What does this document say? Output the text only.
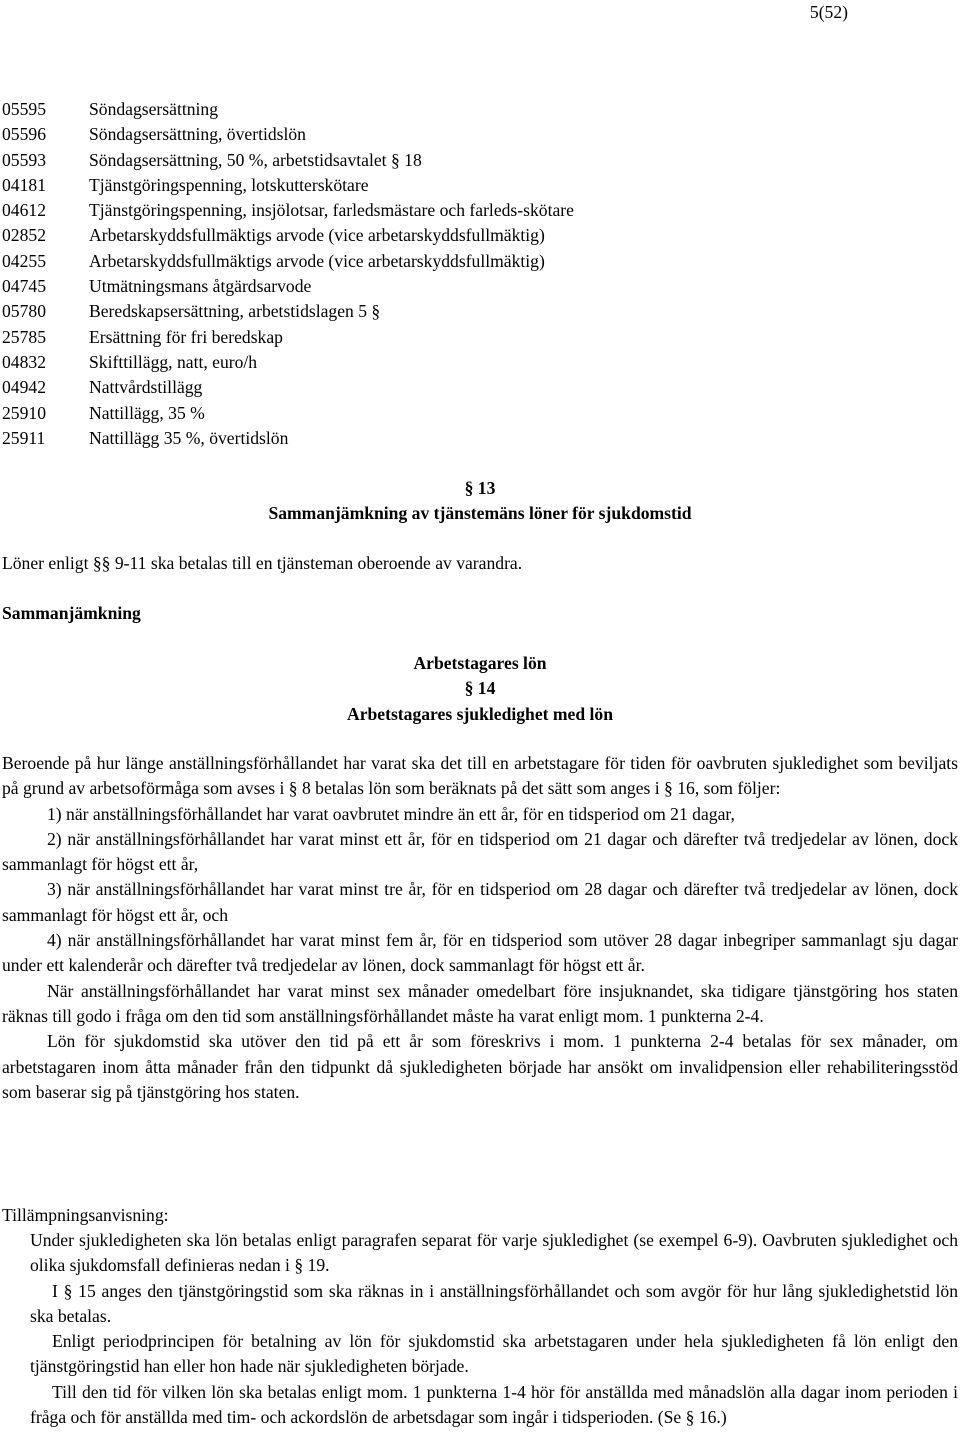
5(52)
05595	Söndagsersättning
05596	Söndagsersättning, övertidslön
05593	Söndagsersättning, 50 %, arbetstidsavtalet § 18
04181	Tjänstgöringspenning, lotskutterskötare
04612	Tjänstgöringspenning, insjölotsar, farledsmästare och farleds-skötare
02852	Arbetarskyddsfullmäktigs arvode (vice arbetarskyddsfullmäktig)
04255	Arbetarskyddsfullmäktigs arvode (vice arbetarskyddsfullmäktig)
04745	Utmätningsmans åtgärdsarvode
05780	Beredskapsersättning, arbetstidslagen 5 §
25785	Ersättning för fri beredskap
04832	Skifttillägg, natt, euro/h
04942	Nattvårdstillägg
25910	Nattillägg, 35 %
25911	Nattillägg 35 %, övertidslön
§ 13
Sammanjämkning av tjänstemäns löner för sjukdomstid
Löner enligt §§ 9-11 ska betalas till en tjänsteman oberoende av varandra.
Sammanjämkning
Arbetstagares lön
§ 14
Arbetstagares sjukledighet med lön

Beroende på hur länge anställningsförhållandet har varat ska det till en arbetstagare för tiden för oavbruten sjukledighet som beviljats på grund av arbetsoförmåga som avses i § 8 betalas lön som beräknats på det sätt som anges i § 16, som följer:

1) när anställningsförhållandet har varat oavbrutet mindre än ett år, för en tidsperiod om 21 dagar,

2) när anställningsförhållandet har varat minst ett år, för en tidsperiod om 21 dagar och därefter två tredjedelar av lönen, dock sammanlagt för högst ett år,

3) när anställningsförhållandet har varat minst tre år, för en tidsperiod om 28 dagar och därefter två tredjedelar av lönen, dock sammanlagt för högst ett år, och

4) när anställningsförhållandet har varat minst fem år, för en tidsperiod som utöver 28 dagar inbegriper sammanlagt sju dagar under ett kalenderår och därefter två tredjedelar av lönen, dock sammanlagt för högst ett år.

När anställningsförhållandet har varat minst sex månader omedelbart före insjuknandet, ska tidigare tjänstgöring hos staten räknas till godo i fråga om den tid som anställningsförhållandet måste ha varat enligt mom. 1 punkterna 2-4.

Lön för sjukdomstid ska utöver den tid på ett år som föreskrivs i mom. 1 punkterna 2-4 betalas för sex månader, om arbetstagaren inom åtta månader från den tidpunkt då sjukledigheten började har ansökt om invalidpension eller rehabiliteringsstöd som baserar sig på tjänstgöring hos staten.

Tillämpningsanvisning:

Under sjukledigheten ska lön betalas enligt paragrafen separat för varje sjukledighet (se exempel 6-9). Oavbruten sjukledighet och olika sjukdomsfall definieras nedan i § 19.

I § 15 anges den tjänstgöringstid som ska räknas in i anställningsförhållandet och som avgör för hur lång sjukledighetstid lön ska betalas.

Enligt periodprincipen för betalning av lön för sjukdomstid ska arbetstagaren under hela sjukledigheten få lön enligt den tjänstgöringstid han eller hon hade när sjukledigheten började.

Till den tid för vilken lön ska betalas enligt mom. 1 punkterna 1-4 hör för anställda med månadslön alla dagar inom perioden i fråga och för anställda med tim- och ackordslön de arbetsdagar som ingår i tidsperioden. (Se § 16.)
